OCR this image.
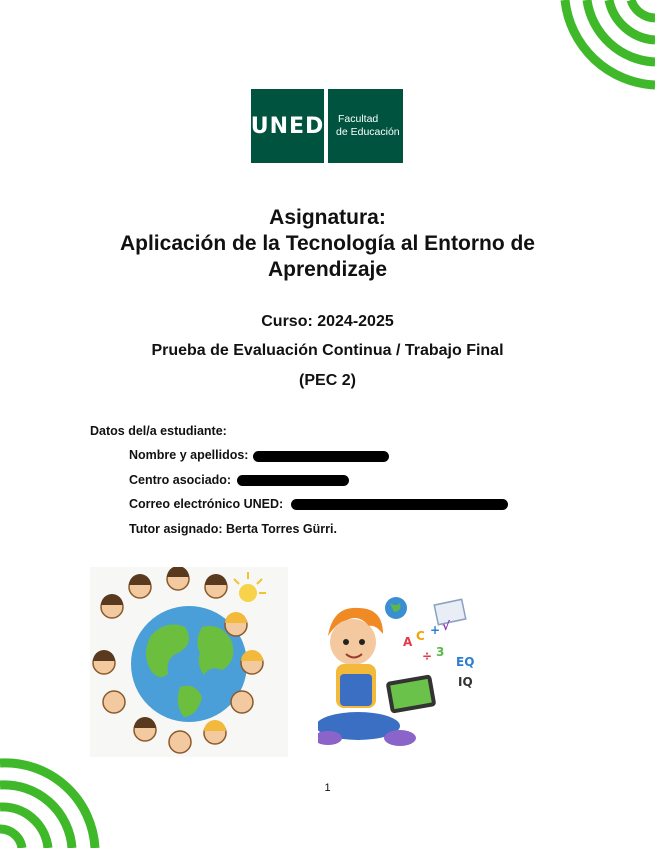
UNED Facultad
de Educación
Asignatura:
Aplicación de la Tecnología al Entorno de
Aprendizaje
Curso: 2024-2025
Prueba de Evaluación Continua / Trabajo Final
(PEC 2)
Datos del/a estudiante:
Nombre y apellidos:
Centro asociado:
Correo electrónico UNED:
Tutor asignado: Berta Torres Gürri.
A C + √
EQ
IQ
3
÷
1
